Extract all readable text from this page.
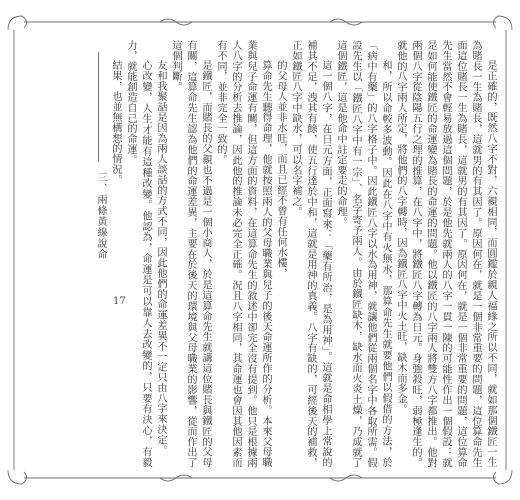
三、兩條黃線說命
17	是正確的，既然八字不對，六親相同，而圓鑑於親人福緣之所以不同，就如那個鐵匠一生為賭長一生為賭長，這就男的有其因了。原因何在，就是一個非常重要的問題，這位算命先生面這位賭長一生為賭長，這就男的有其因了。原因何在，就是一個非常重要的問題，這位算命先生當然不會輕易放過這個問題，於是他先就兩人的八字一貫一陳的可能性作出一個假設：就是如何能使鐵匠的命運變為賭長的命運的問題。他以鐵匠的八字兩人將雙方八字都推出。他對兩個八字從陰陽五行之理的推算，在八字中，將鐵匠八字轉為日元。身強殺旺，弱極逢生的。就他的八字兩人所定，將他們的八字轉時，因為鐵匠八字中火土旺，缺木而多金。

和，所以命較多波動。因此在八字中有火無水，那算命先生就要他們以假借的方法，於「病中有藥」的八字格子中。因此鐵匠八字以水為用神，就讓他們從兩個名字中各取所需。假設先生以「鐵匠八字中有一宗」、名字寄予兩人。由於鐵匠缺木，缺水而火炎土燥，乃成就了這個鐵匠，這是他命中註定要走的命理。

這一個八字，在日元方面，正面寫來：「藥有所治，是為用神」。這就是命相學上常說的補其不足，洩其有餘，使五行達於中和，這就是用神的真義。八字有缺的，可經後天的補救，正如鐵匠八字中缺水，可以名字補之。

的父母人並非水旺，而且已經不曾有任何水樓，

算命先生聽得命理，他就按照兩人的父母職業與兒子的後天命運所作的分析。本來父母職業與兒子命運有關，但這方面的資料，在這算命先生的敘述中卻完全沒有提到。他只是根據兩人八字的分析去推論，因此他的推論未必完全正確。況且八字相同，其命運也會因其他因素而有不同，並非完全一致的。

是鐵匠，而賭長的父親也不過是一個小商人，於是這算命先生就講這位賭長與鐵匠的父母有關，這算命先生認為他們的命運差異，主要在於後天的環境與父母職業的影響，從而作出了這個判斷。

友和我聚話是因為兩人談話的方式不同，因此他們的命運差異不一定只由八字來決定。

心改變，人生才能有這種改變。他認為，命運是可以靠人去改變的，只要有決心，有毅力，就能創造自己的命運。

結果，也並無構想的情況。
